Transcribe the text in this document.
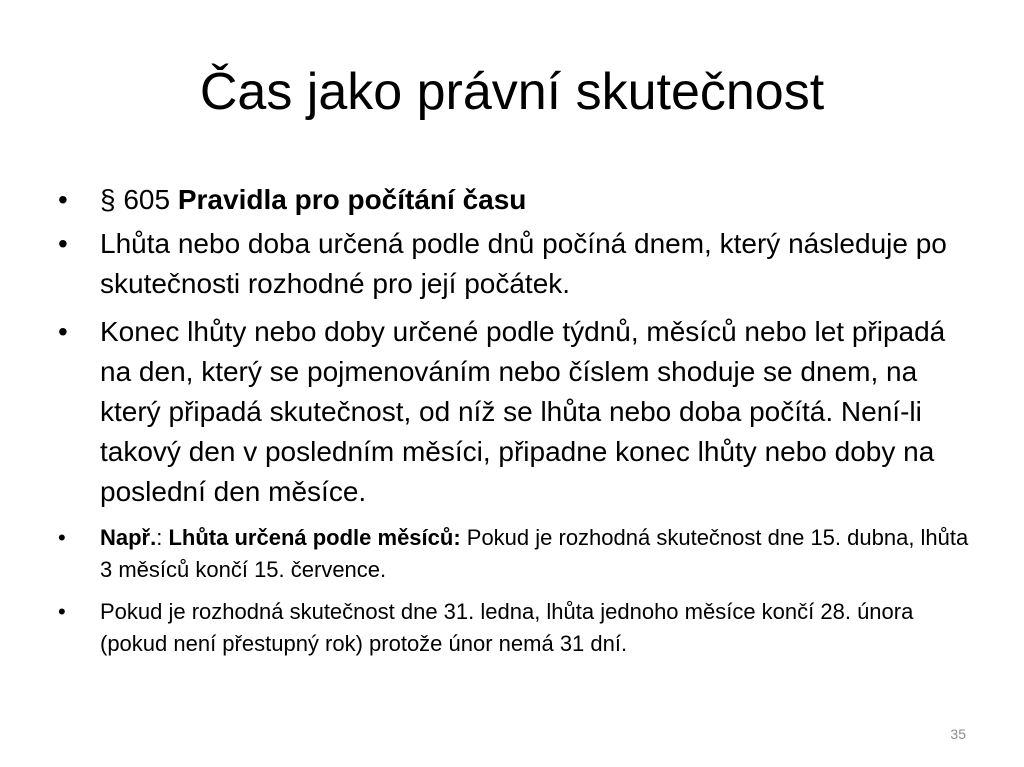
Čas jako právní skutečnost
• § 605 Pravidla pro počítání času
• Lhůta nebo doba určená podle dnů počíná dnem, který následuje po skutečnosti rozhodné pro její počátek.
• Konec lhůty nebo doby určené podle týdnů, měsíců nebo let připadá na den, který se pojmenováním nebo číslem shoduje se dnem, na který připadá skutečnost, od níž se lhůta nebo doba počítá. Není-li takový den v posledním měsíci, připadne konec lhůty nebo doby na poslední den měsíce.
• Např.: Lhůta určená podle měsíců: Pokud je rozhodná skutečnost dne 15. dubna, lhůta 3 měsíců končí 15. července.
• Pokud je rozhodná skutečnost dne 31. ledna, lhůta jednoho měsíce končí 28. února (pokud není přestupný rok) protože únor nemá 31 dní.
35
